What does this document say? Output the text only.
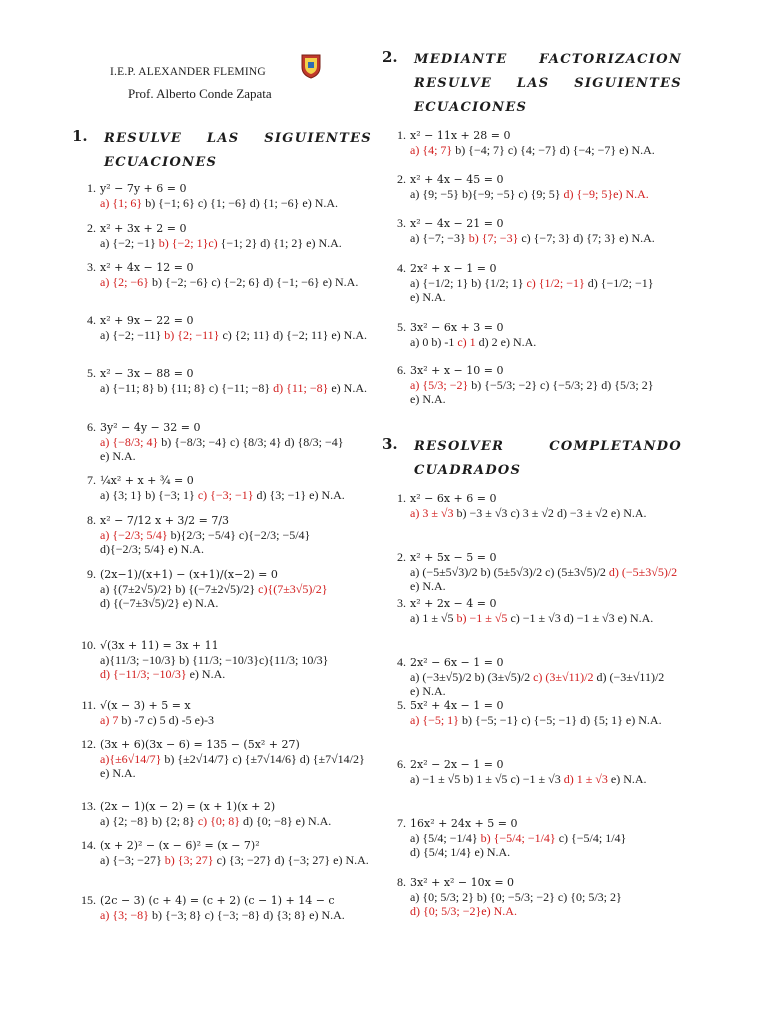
I.E.P. ALEXANDER FLEMING
Prof. Alberto Conde Zapata
1.	RESULVE LAS SIGUIENTES ECUACIONES
2.	MEDIANTE FACTORIZACION RESULVE LAS SIGUIENTES ECUACIONES
3.	RESOLVER COMPLETANDO CUADRADOS
1. y² − 7y + 6 = 0
a) {1; 6} b) {−1; 6} c) {1; −6} d) {1; −6} e) N.A.
2. x² + 3x + 2 = 0
a) {−2; −1} b) {−2; 1}c) {−1; 2} d) {1; 2} e) N.A.
3. x² + 4x − 12 = 0
a) {2; −6} b) {−2; −6} c) {−2; 6} d) {−1; −6} e) N.A.
4. x² + 9x − 22 = 0
a) {−2; −11} b) {2; −11} c) {2; 11} d) {−2; 11} e) N.A.
5. x² − 3x − 88 = 0
a) {−11; 8} b) {11; 8} c) {−11; −8} d) {11; −8} e) N.A.
6. 3y² − 4y − 32 = 0
a) {−8/3; 4} b) {−8/3; −4} c) {8/3; 4} d) {8/3; −4} e) N.A.
7. ¼x² + x + ¾ = 0
a) {3; 1} b) {−3; 1} c) {−3; −1} d) {3; −1} e) N.A.
8. x² − 7/12 x + 3/2 = 7/3
a) {−2/3; 5/4} b){2/3; −5/4} c){−2/3; −5/4} d){−2/3; 5/4} e) N.A.
9. (2x−1)/(x+1) − (x+1)/(x−2) = 0
a) {(7±2√5)/2} b) {(−7±2√5)/2} c){(7±3√5)/2} d) {(−7±3√5)/2} e) N.A.
10. √(3x + 11) = 3x + 11
a){11/3; −10/3} b) {11/3; −10/3}c){11/3; 10/3} d) {−11/3; −10/3} e) N.A.
11. √(x − 3) + 5 = x
a) 7 b) -7 c) 5 d) -5 e)-3
12. (3x + 6)(3x − 6) = 135 − (5x² + 27)
a){±6√14/7} b) {±2√14/7} c) {±7√14/6} d) {±7√14/2} e) N.A.
13. (2x − 1)(x − 2) = (x + 1)(x + 2)
a) {2; −8} b) {2; 8} c) {0; 8} d) {0; −8} e) N.A.
14. (x + 2)² − (x − 6)² = (x − 7)²
a) {−3; −27} b) {3; 27} c) {3; −27} d) {−3; 27} e) N.A.
15. (2c − 3) (c + 4) = (c + 2) (c − 1) + 14 − c
a) {3; −8} b) {−3; 8} c) {−3; −8} d) {3; 8} e) N.A.
1. x² − 11x + 28 = 0
a) {4; 7} b) {−4; 7} c) {4; −7} d) {−4; −7} e) N.A.
2. x² + 4x − 45 = 0
a) {9; −5} b){−9; −5} c) {9; 5} d) {−9; 5}e) N.A.
3. x² − 4x − 21 = 0
a) {−7; −3} b) {7; −3} c) {−7; 3} d) {7; 3} e) N.A.
4. 2x² + x − 1 = 0
a) {−1/2; 1} b) {1/2; 1} c) {1/2; −1} d) {−1/2; −1} e) N.A.
5. 3x² − 6x + 3 = 0
a) 0 b) -1 c) 1 d) 2 e) N.A.
6. 3x² + x − 10 = 0
a) {5/3; −2} b) {−5/3; −2} c) {−5/3; 2} d) {5/3; 2} e) N.A.
1. x² − 6x + 6 = 0
a) 3 ± √3 b) −3 ± √3 c) 3 ± √2 d) −3 ± √2 e) N.A.
2. x² + 5x − 5 = 0
a) (−5±5√3)/2 b) (5±5√3)/2 c) (5±3√5)/2 d) (−5±3√5)/2 e) N.A.
3. x² + 2x − 4 = 0
a) 1 ± √5 b) −1 ± √5 c) −1 ± √3 d) −1 ± √3 e) N.A.
4. 2x² − 6x − 1 = 0
a) (−3±√5)/2 b) (3±√5)/2 c) (3±√11)/2 d) (−3±√11)/2 e) N.A.
5. 5x² + 4x − 1 = 0
a) {−5; 1} b) {−5; −1} c) {−5; −1} d) {5; 1} e) N.A.
6. 2x² − 2x − 1 = 0
a) −1 ± √5 b) 1 ± √5 c) −1 ± √3 d) 1 ± √3 e) N.A.
7. 16x² + 24x + 5 = 0
a) {5/4; −1/4} b) {−5/4; −1/4} c) {−5/4; 1/4} d) {5/4; 1/4} e) N.A.
8. 3x² + x² − 10x = 0
a) {0; 5/3; 2} b) {0; −5/3; −2} c) {0; 5/3; 2} d) {0; 5/3; −2}e) N.A.
